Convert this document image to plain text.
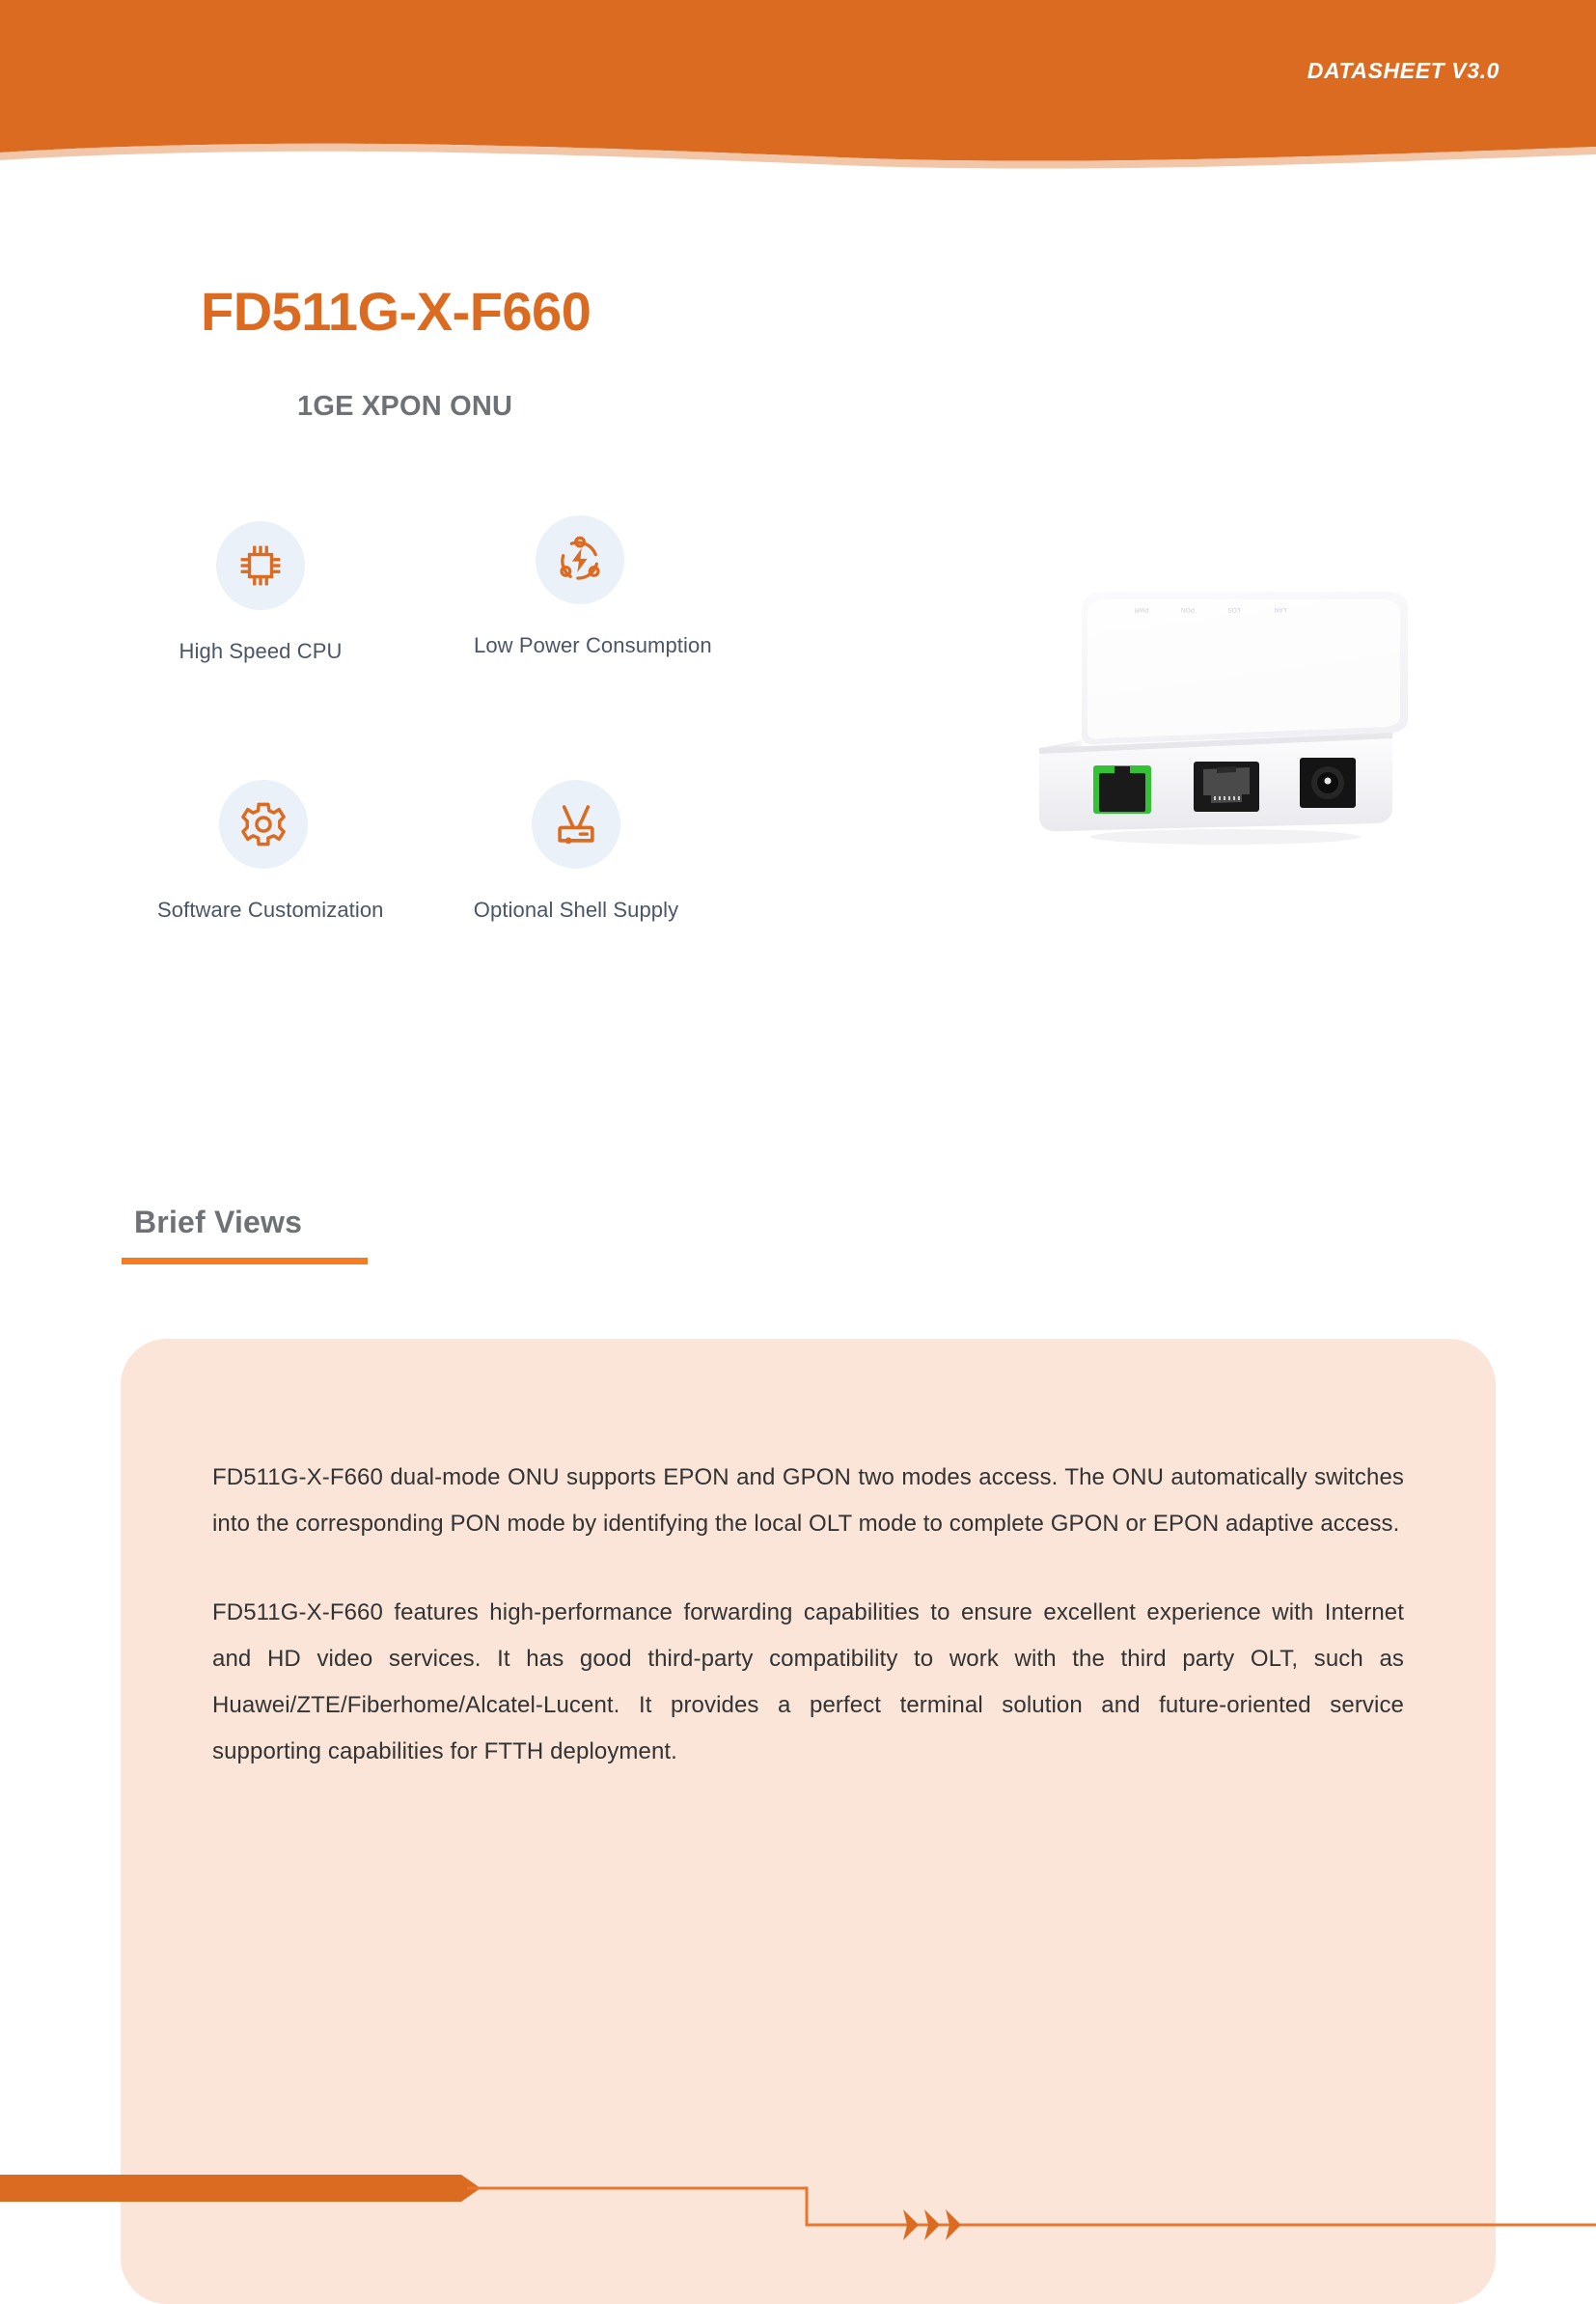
DATASHEET V3.0
FD511G-X-F660
1GE XPON ONU
High Speed CPU	Low Power Consumption
Software Customization	Optional Shell Supply
LAN
LOS
PON
PWR
Brief Views

FD511G-X-F660 dual-mode ONU supports EPON and GPON two modes access. The ONU automatically switches into the corresponding PON mode by identifying the local OLT mode to complete GPON or EPON adaptive access.

FD511G-X-F660 features high-performance forwarding capabilities to ensure excellent experience with Internet and HD video services. It has good third-party compatibility to work with the third party OLT, such as Huawei/ZTE/Fiberhome/Alcatel-Lucent. It provides a perfect terminal solution and future-oriented service supporting capabilities for FTTH deployment.
